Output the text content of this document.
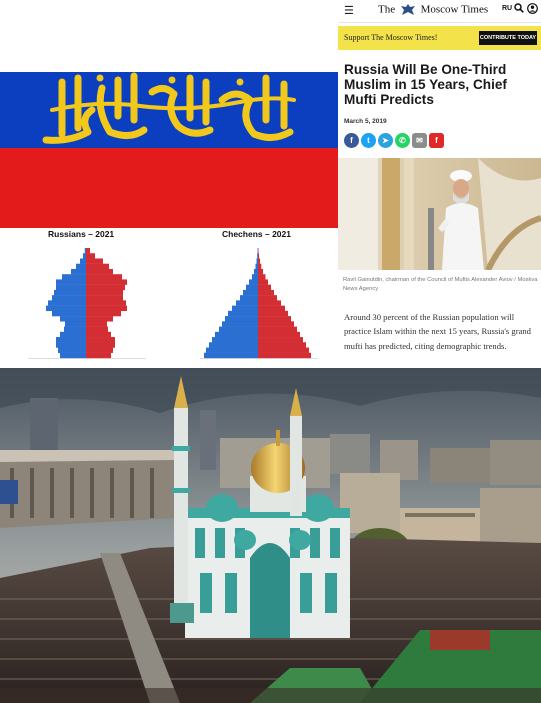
☰ The Moscow Times RU
Support The Moscow Times!	CONTRIBUTE TODAY
Russia Will Be One-Third Muslim in 15 Years, Chief Mufti Predicts
March 5, 2019
f t ➤ ✆ ✉ f
Ravil Gainutdin, chairman of the Council of Muftis Alexander Aviov / Moskva News Agency
Around 30 percent of the Russian population will practice Islam within the next 15 years, Russia's grand mufti has predicted, citing demographic trends.
Russians – 2021	Chechens – 2021
